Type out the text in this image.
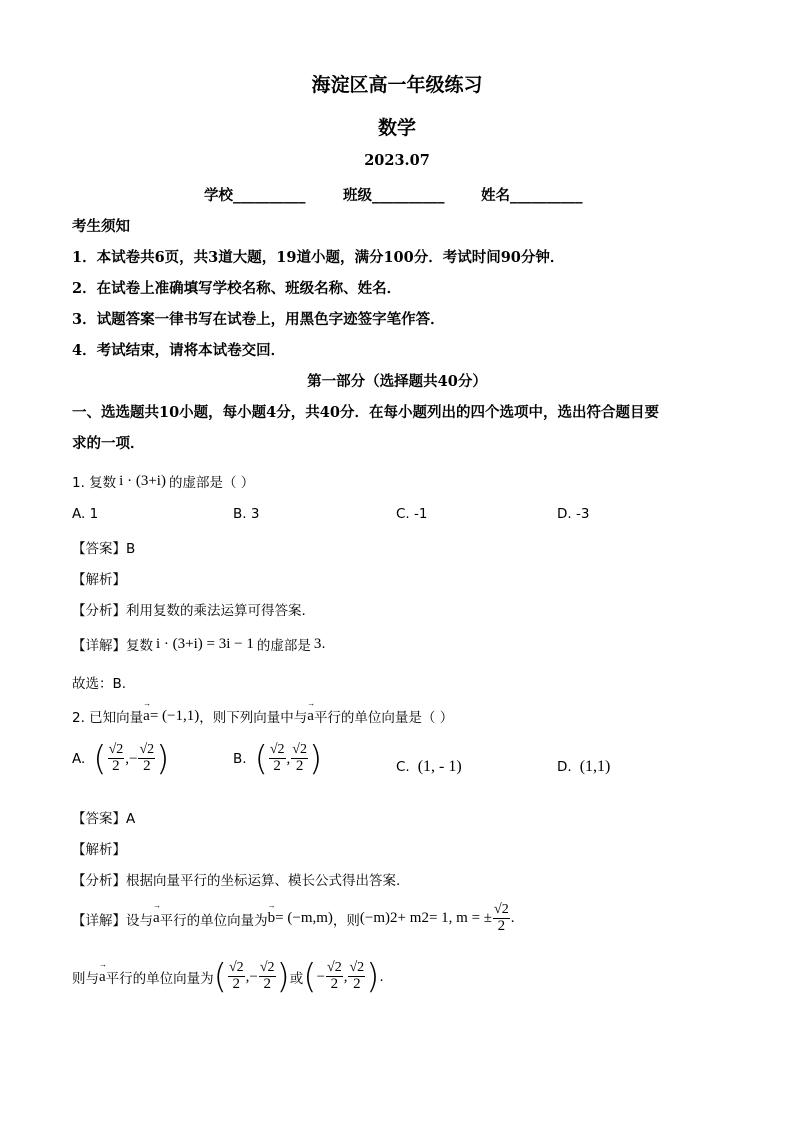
海淀区高一年级练习
数学
2023.07
学校__________	班级__________	姓名__________
考生须知
1．本试卷共6页，共3道大题，19道小题，满分100分．考试时间90分钟．
2．在试卷上准确填写学校名称、班级名称、姓名．
3．试题答案一律书写在试卷上，用黑色字迹签字笔作答．
4．考试结束，请将本试卷交回．
第一部分（选择题共40分）
一、选选题共10小题，每小题4分，共40分．在每小题列出的四个选项中，选出符合题目要
求的一项．
1. 复数 i · (3+i) 的虚部是（ ）
A. 1	B. 3	C. -1	D. -3
【答案】B
【解析】
【分析】利用复数的乘法运算可得答案.
【详解】 复数 i · (3+i) = 3i − 1 的虚部是 3 .
故选：B.
2. 已知向量 → a = (−1,1) ，则下列向量中与 → a 平行的单位向量是（ ）
A. ( √ $\frac{2}{2}$ , − √ $\frac{2}{2}$ )	B. ( √ $\frac{2}{2}$ , √ $\frac{2}{2}$ )	C. (1, - 1)	D. (1,1)
【答案】A
【解析】
【分析】根据向量平行的坐标运算、模长公式得出答案.
【详解】 设与 → a 平行的单位向量为 → b = (−m,m) ，则 (−m) 2 + m 2 = 1, m = ± √ $\frac{2}{2}$ .
则与 → a 平行的单位向量为 ( √ $\frac{2}{2}$ , − √ $\frac{2}{2}$ ) 或 ( − √ $\frac{2}{2}$ , √ $\frac{2}{2}$ ) .
